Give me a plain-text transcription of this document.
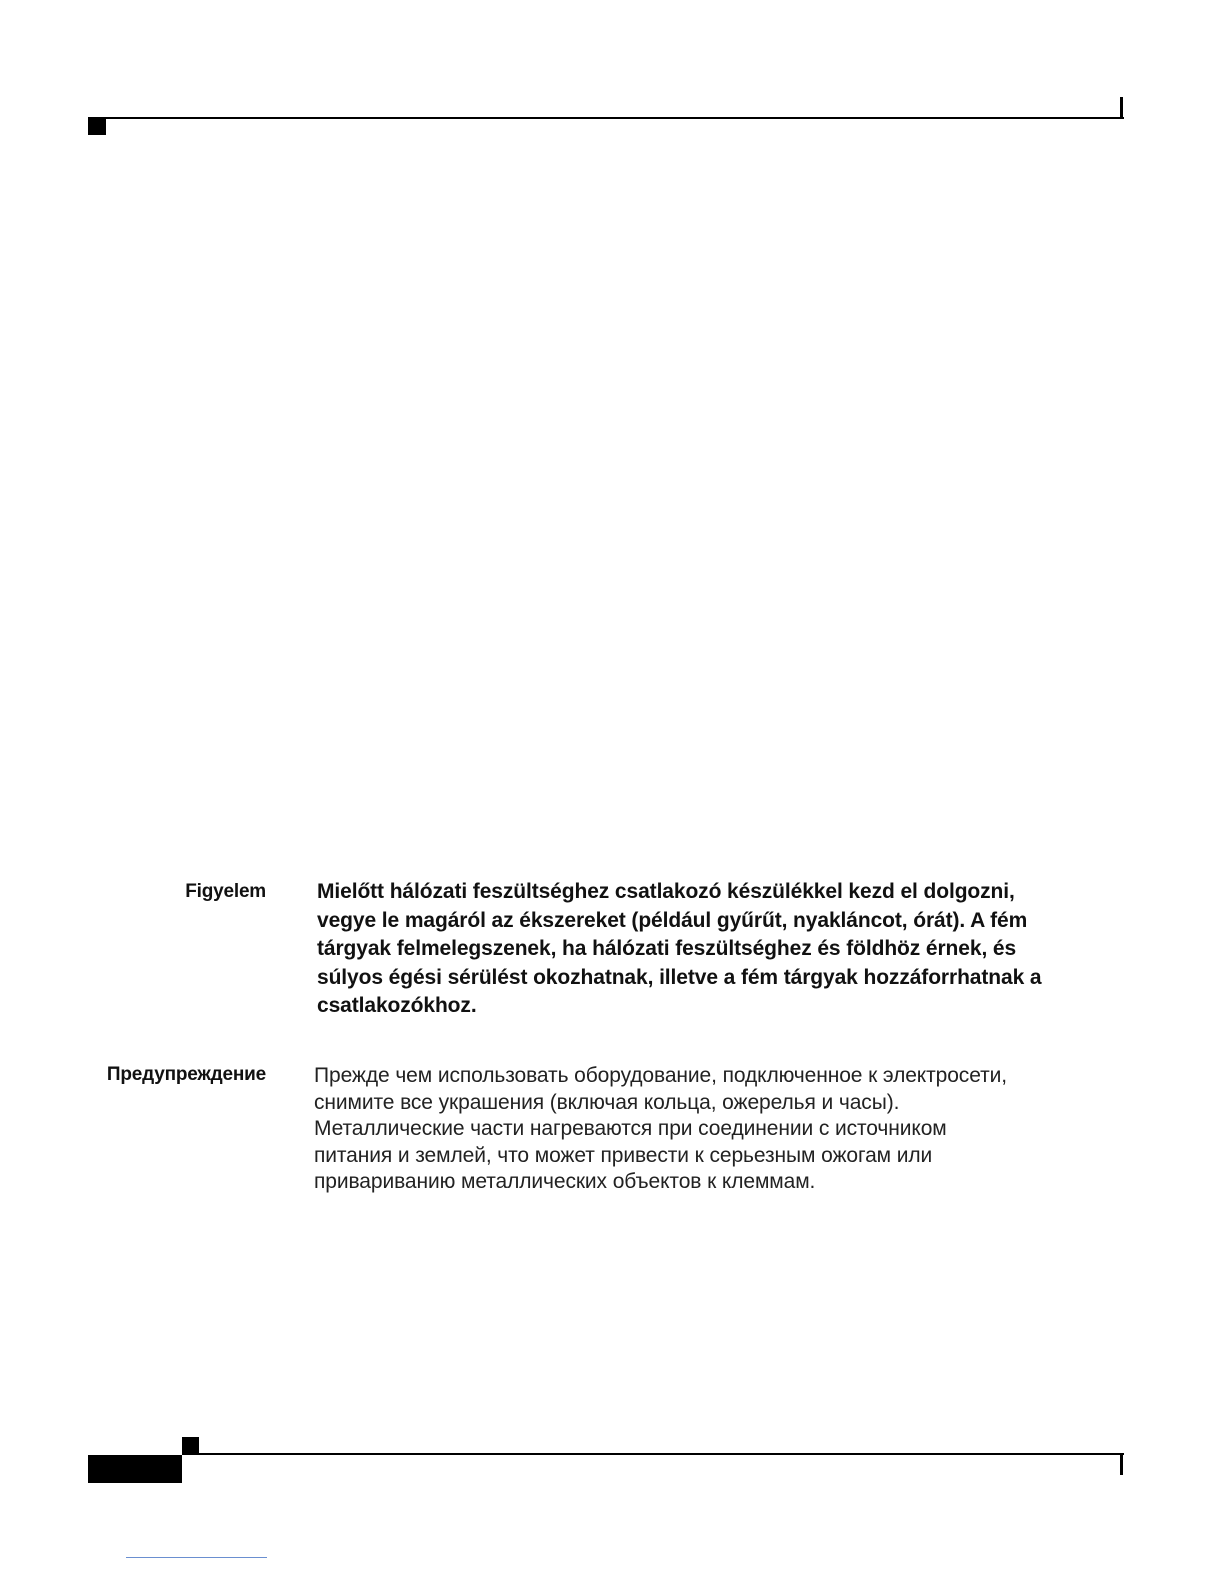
Figyelem Mielőtt hálózati feszültséghez csatlakozó készülékkel kezd el dolgozni,
vegye le magáról az ékszereket (például gyűrűt, nyakláncot, órát). A fém
tárgyak felmelegszenek, ha hálózati feszültséghez és földhöz érnek, és
súlyos égési sérülést okozhatnak, illetve a fém tárgyak hozzáforrhatnak a
csatlakozókhoz.
Предупреждение Прежде чем использовать оборудование, подключенное к электросети,
снимите все украшения (включая кольца, ожерелья и часы).
Металлические части нагреваются при соединении с источником
питания и землей, что может привести к серьезным ожогам или
привариванию металлических объектов к клеммам.
